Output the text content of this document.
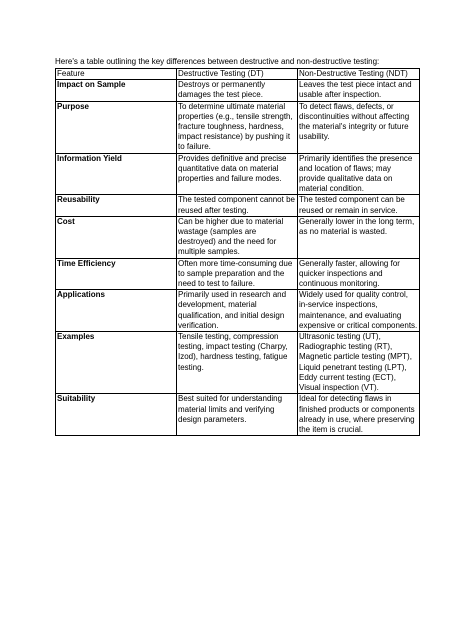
Here's a table outlining the key differences between destructive and non-destructive testing:
Feature	Destructive Testing (DT)	Non-Destructive Testing (NDT)
Impact on Sample	Destroys or permanently damages the test piece.	Leaves the test piece intact and usable after inspection.
Purpose	To determine ultimate material properties (e.g., tensile strength, fracture toughness, hardness, impact resistance) by pushing it to failure.	To detect flaws, defects, or discontinuities without affecting the material's integrity or future usability.
Information Yield	Provides definitive and precise quantitative data on material properties and failure modes.	Primarily identifies the presence and location of flaws; may provide qualitative data on material condition.
Reusability	The tested component cannot be reused after testing.	The tested component can be reused or remain in service.
Cost	Can be higher due to material wastage (samples are destroyed) and the need for multiple samples.	Generally lower in the long term, as no material is wasted.
Time Efficiency	Often more time-consuming due to sample preparation and the need to test to failure.	Generally faster, allowing for quicker inspections and continuous monitoring.
Applications	Primarily used in research and development, material qualification, and initial design verification.	Widely used for quality control, in-service inspections, maintenance, and evaluating expensive or critical components.
Examples	Tensile testing, compression testing, impact testing (Charpy, Izod), hardness testing, fatigue testing.	Ultrasonic testing (UT), Radiographic testing (RT), Magnetic particle testing (MPT), Liquid penetrant testing (LPT), Eddy current testing (ECT), Visual inspection (VT).
Suitability	Best suited for understanding material limits and verifying design parameters.	Ideal for detecting flaws in finished products or components already in use, where preserving the item is crucial.
